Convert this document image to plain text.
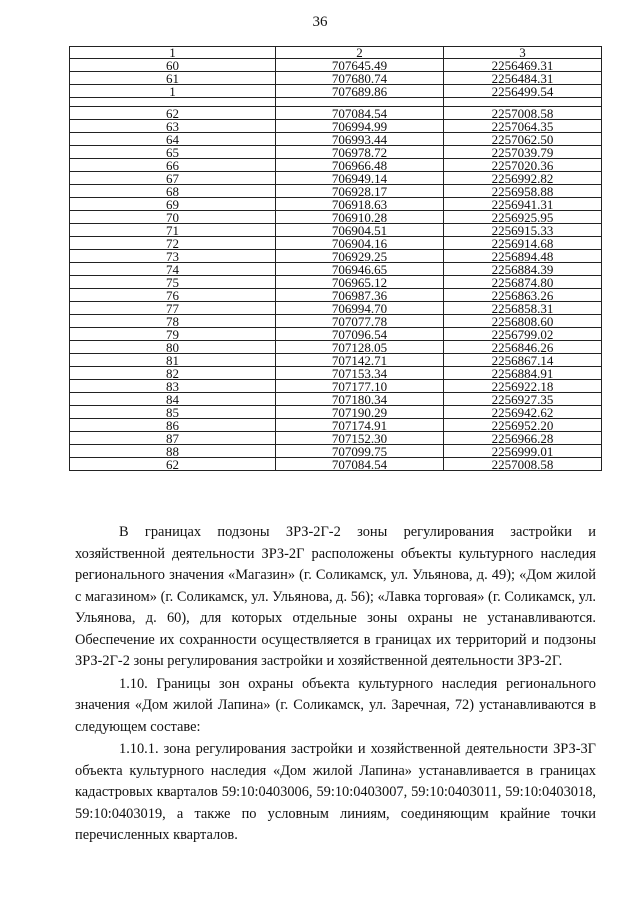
36
1	2	3
60	707645.49	2256469.31
61	707680.74	2256484.31
1	707689.86	2256499.54

62	707084.54	2257008.58
63	706994.99	2257064.35
64	706993.44	2257062.50
65	706978.72	2257039.79
66	706966.48	2257020.36
67	706949.14	2256992.82
68	706928.17	2256958.88
69	706918.63	2256941.31
70	706910.28	2256925.95
71	706904.51	2256915.33
72	706904.16	2256914.68
73	706929.25	2256894.48
74	706946.65	2256884.39
75	706965.12	2256874.80
76	706987.36	2256863.26
77	706994.70	2256858.31
78	707077.78	2256808.60
79	707096.54	2256799.02
80	707128.05	2256846.26
81	707142.71	2256867.14
82	707153.34	2256884.91
83	707177.10	2256922.18
84	707180.34	2256927.35
85	707190.29	2256942.62
86	707174.91	2256952.20
87	707152.30	2256966.28
88	707099.75	2256999.01
62	707084.54	2257008.58

В границах подзоны ЗРЗ-2Г-2 зоны регулирования застройки и хозяйственной деятельности ЗРЗ-2Г расположены объекты культурного наследия регионального значения «Магазин» (г. Соликамск, ул. Ульянова, д. 49); «Дом жилой с магазином» (г. Соликамск, ул. Ульянова, д. 56); «Лавка торговая» (г. Соликамск, ул. Ульянова, д. 60), для которых отдельные зоны охраны не устанавливаются. Обеспечение их сохранности осуществляется в границах их территорий и подзоны ЗРЗ-2Г-2 зоны регулирования застройки и хозяйственной деятельности ЗРЗ-2Г.

1.10. Границы зон охраны объекта культурного наследия регионального значения «Дом жилой Лапина» (г. Соликамск, ул. Заречная, 72) устанавливаются в следующем составе:

1.10.1. зона регулирования застройки и хозяйственной деятельности ЗРЗ-3Г объекта культурного наследия «Дом жилой Лапина» устанавливается в границах кадастровых кварталов 59:10:0403006, 59:10:0403007, 59:10:0403011, 59:10:0403018, 59:10:0403019, а также по условным линиям, соединяющим крайние точки перечисленных кварталов.
